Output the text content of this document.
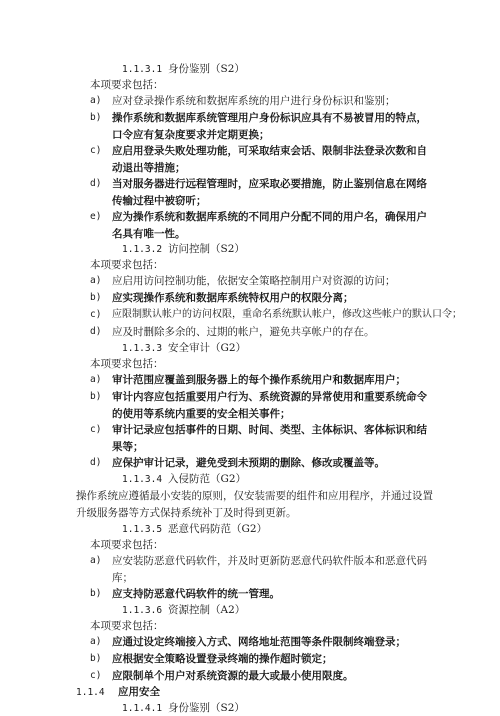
1.1.3.1 身份鉴别（S2）
本项要求包括：
a)	应对登录操作系统和数据库系统的用户进行身份标识和鉴别；
b)	操作系统和数据库系统管理用户身份标识应具有不易被冒用的特点，口令应有复杂度要求并定期更换；
c)	应启用登录失败处理功能，可采取结束会话、限制非法登录次数和自动退出等措施；
d)	当对服务器进行远程管理时，应采取必要措施，防止鉴别信息在网络传输过程中被窃听；
e)	应为操作系统和数据库系统的不同用户分配不同的用户名，确保用户名具有唯一性。
1.1.3.2 访问控制（S2）
本项要求包括：
a)	应启用访问控制功能，依据安全策略控制用户对资源的访问；
b)	应实现操作系统和数据库系统特权用户的权限分离；
c)	应限制默认帐户的访问权限，重命名系统默认帐户，修改这些帐户的默认口令；
d)	应及时删除多余的、过期的帐户，避免共享帐户的存在。
1.1.3.3 安全审计（G2）
本项要求包括：
a)	审计范围应覆盖到服务器上的每个操作系统用户和数据库用户；
b)	审计内容应包括重要用户行为、系统资源的异常使用和重要系统命令的使用等系统内重要的安全相关事件；
c)	审计记录应包括事件的日期、时间、类型、主体标识、客体标识和结果等；
d)	应保护审计记录，避免受到未预期的删除、修改或覆盖等。
1.1.3.4 入侵防范（G2）
操作系统应遵循最小安装的原则，仅安装需要的组件和应用程序，并通过设置升级服务器等方式保持系统补丁及时得到更新。
1.1.3.5 恶意代码防范（G2）
本项要求包括：
a)	应安装防恶意代码软件，并及时更新防恶意代码软件版本和恶意代码库；
b)	应支持防恶意代码软件的统一管理。
1.1.3.6 资源控制（A2）
本项要求包括：
a)	应通过设定终端接入方式、网络地址范围等条件限制终端登录；
b)	应根据安全策略设置登录终端的操作超时锁定；
c)	应限制单个用户对系统资源的最大或最小使用限度。
1.1.4 应用安全
1.1.4.1 身份鉴别（S2）
